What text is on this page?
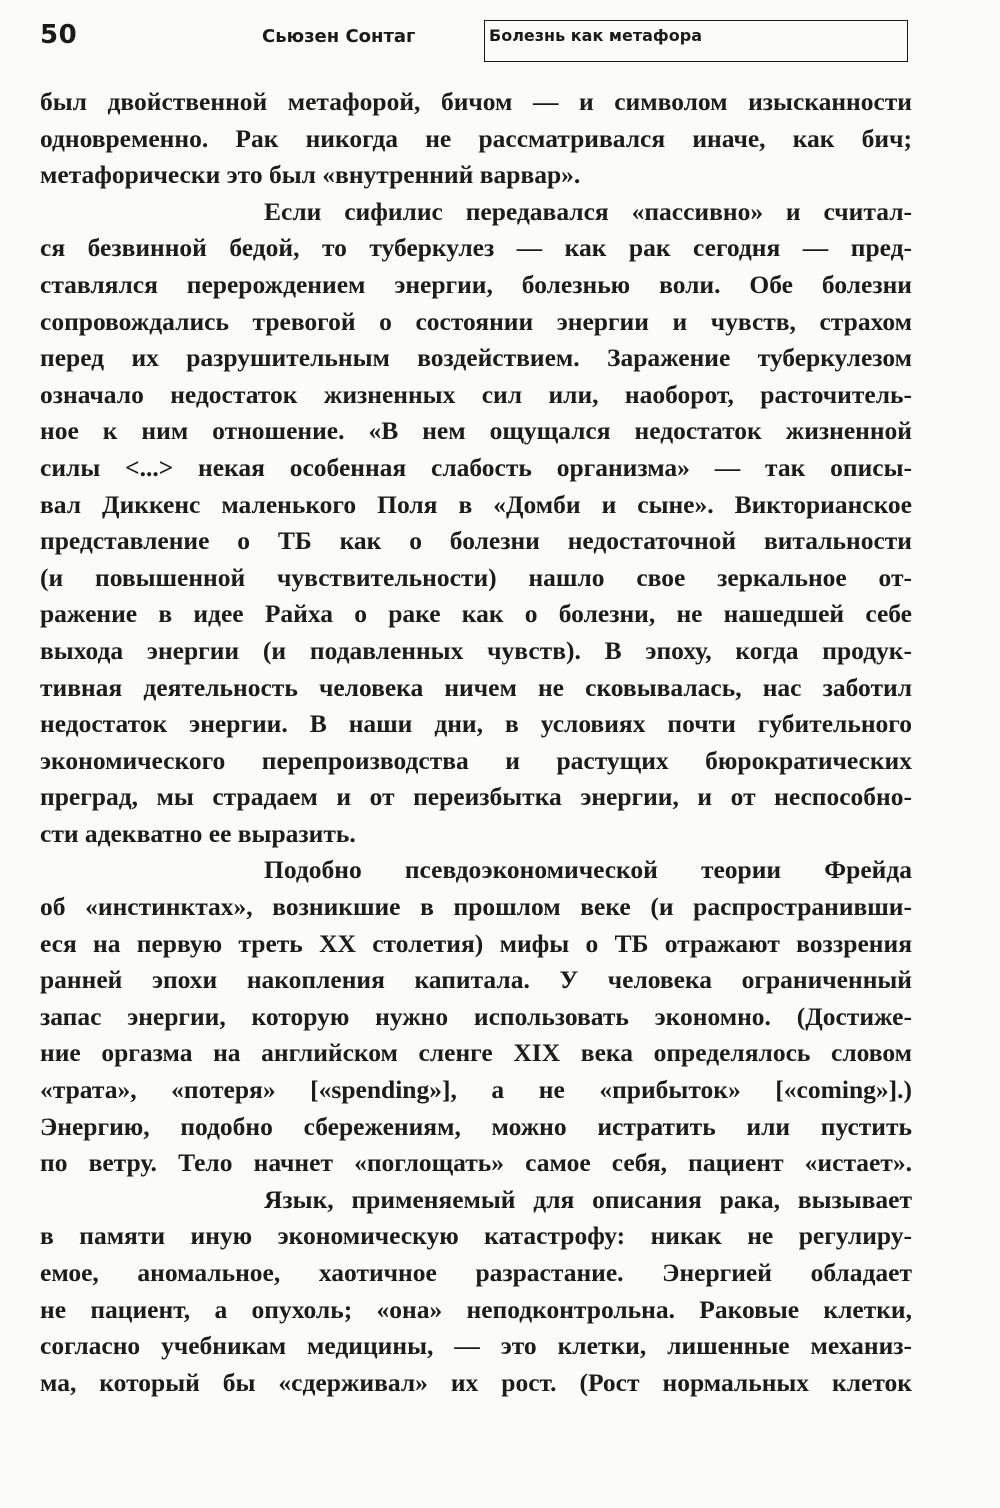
50	Сьюзен Сонтаг	Болезнь как метафора
был двойственной метафорой, бичом — и символом изысканности
одновременно. Рак никогда не рассматривался иначе, как бич;
метафорически это был «внутренний варвар».
Если сифилис передавался «пассивно» и считал-
ся безвинной бедой, то туберкулез — как рак сегодня — пред-
ставлялся перерождением энергии, болезнью воли. Обе болезни
сопровождались тревогой о состоянии энергии и чувств, страхом
перед их разрушительным воздействием. Заражение туберкулезом
означало недостаток жизненных сил или, наоборот, расточитель-
ное к ним отношение. «В нем ощущался недостаток жизненной
силы <...> некая особенная слабость организма» — так описы-
вал Диккенс маленького Поля в «Домби и сыне». Викторианское
представление о ТБ как о болезни недостаточной витальности
(и повышенной чувствительности) нашло свое зеркальное от-
ражение в идее Райха о раке как о болезни, не нашедшей себе
выхода энергии (и подавленных чувств). В эпоху, когда продук-
тивная деятельность человека ничем не сковывалась, нас заботил
недостаток энергии. В наши дни, в условиях почти губительного
экономического перепроизводства и растущих бюрократических
преград, мы страдаем и от переизбытка энергии, и от неспособно-
сти адекватно ее выразить.
Подобно псевдоэкономической теории Фрейда
об «инстинктах», возникшие в прошлом веке (и распространивши-
еся на первую треть XX столетия) мифы о ТБ отражают воззрения
ранней эпохи накопления капитала. У человека ограниченный
запас энергии, которую нужно использовать экономно. (Достиже-
ние оргазма на английском сленге XIX века определялось словом
«трата», «потеря» [«spending»], а не «прибыток» [«coming»].)
Энергию, подобно сбережениям, можно истратить или пустить
по ветру. Тело начнет «поглощать» самое себя, пациент «истает».
Язык, применяемый для описания рака, вызывает
в памяти иную экономическую катастрофу: никак не регулиру-
емое, аномальное, хаотичное разрастание. Энергией обладает
не пациент, а опухоль; «она» неподконтрольна. Раковые клетки,
согласно учебникам медицины, — это клетки, лишенные механиз-
ма, который бы «сдерживал» их рост. (Рост нормальных клеток
